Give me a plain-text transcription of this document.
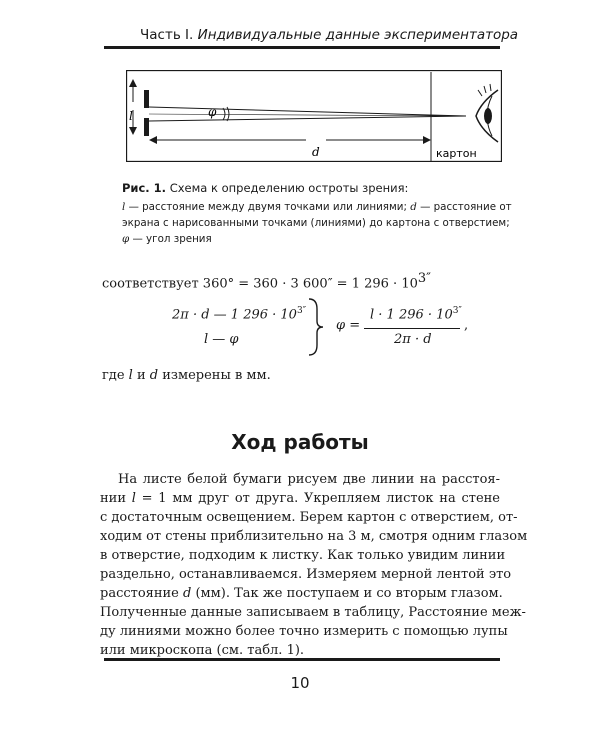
Часть I. Индивидуальные данные экспериментатора
l	φ
d	картон
Рис. 1. Схема к определению остроты зрения:
l — расстояние между двумя точками или линиями; d — расстояние от экрана с нарисованными точками (линиями) до картона с отверстием;
φ — угол зрения
соответствует 360° = 360 · 3 600″ = 1 $296 \cdot 10^{3''}$
2π · d — 1 $296 \cdot 10^{3''}$
l — φ
φ =
l · 1 $296 \cdot 10^{3''}$
2π · d
,
где l и d измерены в мм.
Ход работы
На листе белой бумаги рисуем две линии на расстоя-
нии l = 1 мм друг от друга. Укрепляем листок на стене
с достаточным освещением. Берем картон с отверстием, от-
ходим от стены приблизительно на 3 м, смотря одним глазом
в отверстие, подходим к листку. Как только увидим линии
раздельно, останавливаемся. Измеряем мерной лентой это
расстояние d (мм). Так же поступаем и со вторым глазом.
Полученные данные записываем в таблицу, Расстояние меж-
10
ду линиями можно более точно измерить с помощью лупы
или микроскопа (см. табл. 1).
